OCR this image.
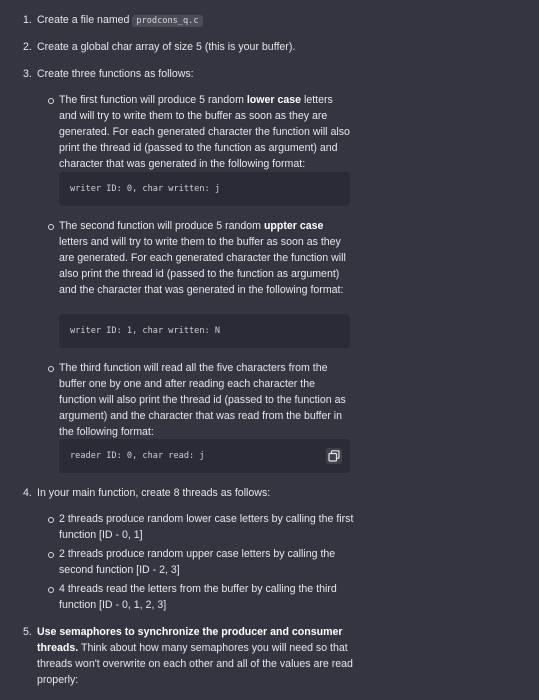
1. Create a file named prodcons_q.c
2. Create a global char array of size 5 (this is your buffer).
3. Create three functions as follows:

The first function will produce 5 random lower case letters and will try to write them to the buffer as soon as they are generated. For each generated character the function will also print the thread id (passed to the function as argument) and character that was generated in the following format:

writer ID: 0, char written: j

The second function will produce 5 random uppter case letters and will try to write them to the buffer as soon as they are generated. For each generated character the function will also print the thread id (passed to the function as argument) and the character that was generated in the following format:

writer ID: 1, char written: N

The third function will read all the five characters from the buffer one by one and after reading each character the function will also print the thread id (passed to the function as argument) and the character that was read from the buffer in the following format:

reader ID: 0, char read: j
4. In your main function, create 8 threads as follows:

2 threads produce random lower case letters by calling the first function [ID - 0, 1]

2 threads produce random upper case letters by calling the second function [ID - 2, 3]

4 threads read the letters from the buffer by calling the third function [ID - 0, 1, 2, 3]

5. Use semaphores to synchronize the producer and consumer threads. Think about how many semaphores you will need so that threads won't overwrite on each other and all of the values are read properly:
